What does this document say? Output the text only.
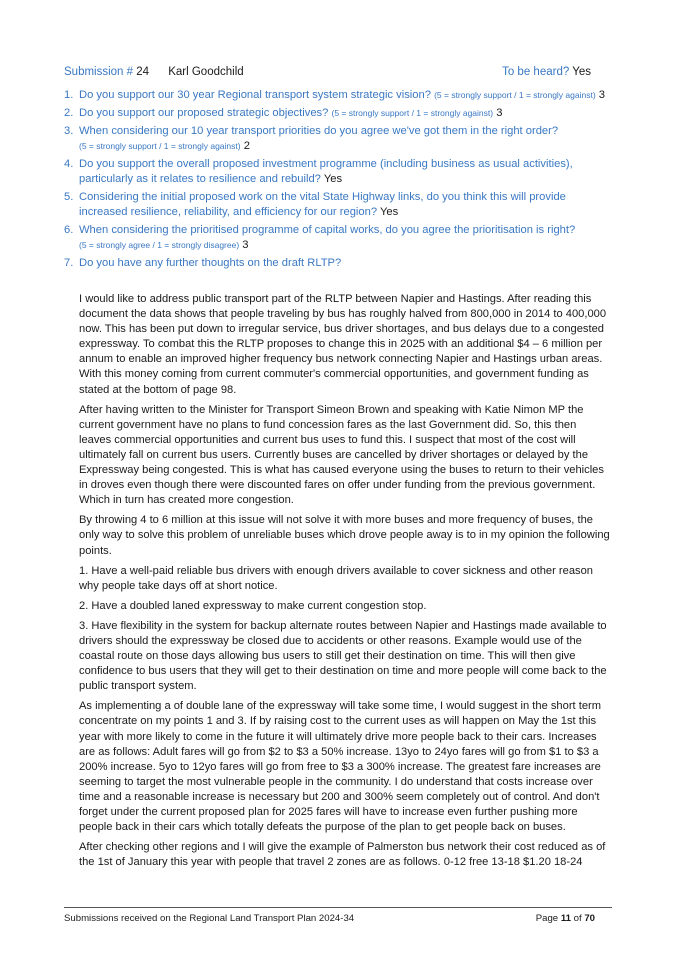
Submission # 24 Karl Goodchild	To be heard? Yes
1. Do you support our 30 year Regional transport system strategic vision? (5 = strongly support / 1 = strongly against) 3
2. Do you support our proposed strategic objectives? (5 = strongly support / 1 = strongly against) 3
3. When considering our 10 year transport priorities do you agree we've got them in the right order?
(5 = strongly support / 1 = strongly against) 2
4. Do you support the overall proposed investment programme (including business as usual activities), particularly as it relates to resilience and rebuild? Yes
5. Considering the initial proposed work on the vital State Highway links, do you think this will provide increased resilience, reliability, and efficiency for our region? Yes
6. When considering the prioritised programme of capital works, do you agree the prioritisation is right?
(5 = strongly agree / 1 = strongly disagree) 3
7. Do you have any further thoughts on the draft RLTP?

I would like to address public transport part of the RLTP between Napier and Hastings. After reading this document the data shows that people traveling by bus has roughly halved from 800,000 in 2014 to 400,000 now. This has been put down to irregular service, bus driver shortages, and bus delays due to a congested expressway. To combat this the RLTP proposes to change this in 2025 with an additional $4 – 6 million per annum to enable an improved higher frequency bus network connecting Napier and Hastings urban areas. With this money coming from current commuter's commercial opportunities, and government funding as stated at the bottom of page 98.

After having written to the Minister for Transport Simeon Brown and speaking with Katie Nimon MP the current government have no plans to fund concession fares as the last Government did. So, this then leaves commercial opportunities and current bus uses to fund this. I suspect that most of the cost will ultimately fall on current bus users. Currently buses are cancelled by driver shortages or delayed by the Expressway being congested. This is what has caused everyone using the buses to return to their vehicles in droves even though there were discounted fares on offer under funding from the previous government. Which in turn has created more congestion.

By throwing 4 to 6 million at this issue will not solve it with more buses and more frequency of buses, the only way to solve this problem of unreliable buses which drove people away is to in my opinion the following points.

1. Have a well-paid reliable bus drivers with enough drivers available to cover sickness and other reason why people take days off at short notice.

2. Have a doubled laned expressway to make current congestion stop.

3. Have flexibility in the system for backup alternate routes between Napier and Hastings made available to drivers should the expressway be closed due to accidents or other reasons. Example would use of the coastal route on those days allowing bus users to still get their destination on time. This will then give confidence to bus users that they will get to their destination on time and more people will come back to the public transport system.

As implementing a of double lane of the expressway will take some time, I would suggest in the short term concentrate on my points 1 and 3. If by raising cost to the current uses as will happen on May the 1st this year with more likely to come in the future it will ultimately drive more people back to their cars. Increases are as follows: Adult fares will go from $2 to $3 a 50% increase. 13yo to 24yo fares will go from $1 to $3 a 200% increase. 5yo to 12yo fares will go from free to $3 a 300% increase. The greatest fare increases are seeming to target the most vulnerable people in the community. I do understand that costs increase over time and a reasonable increase is necessary but 200 and 300% seem completely out of control. And don't forget under the current proposed plan for 2025 fares will have to increase even further pushing more people back in their cars which totally defeats the purpose of the plan to get people back on buses.

After checking other regions and I will give the example of Palmerston bus network their cost reduced as of the 1st of January this year with people that travel 2 zones are as follows. 0-12 free 13-18 $1.20 18-24

Submissions received on the Regional Land Transport Plan 2024-34	Page 11 of 70
